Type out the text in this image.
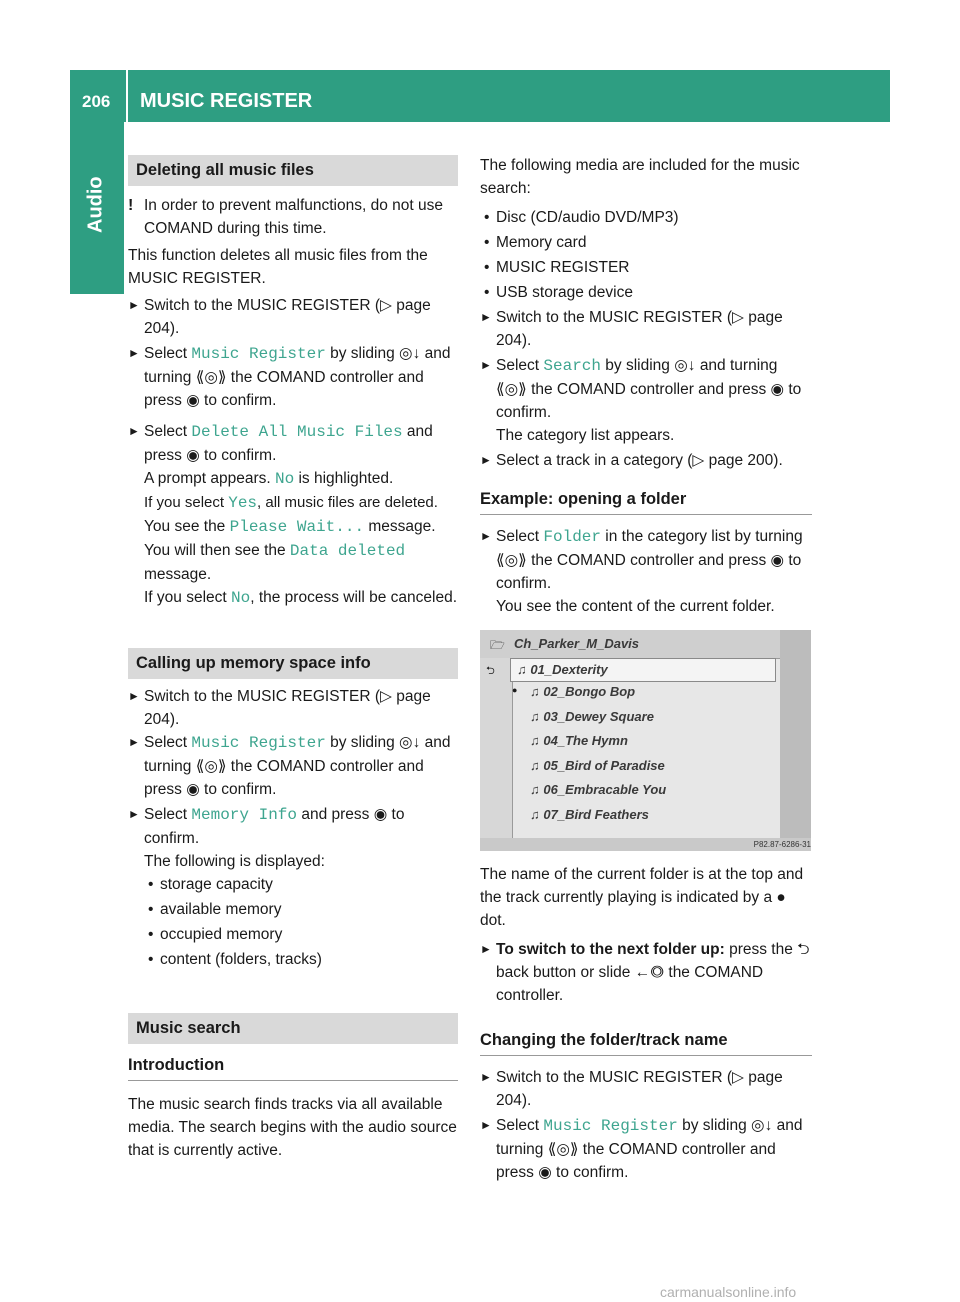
206 MUSIC REGISTER
Audio
Deleting all music files
! In order to prevent malfunctions, do not use COMAND during this time.

This function deletes all music files from the MUSIC REGISTER.

► Switch to the MUSIC REGISTER (▷ page 204).
► Select Music Register by sliding ◎↓ and turning ⟪◎⟫ the COMAND controller and press ◉ to confirm.
► Select Delete All Music Files and press ◉ to confirm.

A prompt appears. No is highlighted.

If you select Yes, all music files are deleted.

You see the Please Wait... message.

You will then see the Data deleted message.

If you select No, the process will be canceled.

Calling up memory space info
► Switch to the MUSIC REGISTER (▷ page 204).
► Select Music Register by sliding ◎↓ and turning ⟪◎⟫ the COMAND controller and press ◉ to confirm.
► Select Memory Info and press ◉ to confirm.

The following is displayed:

• storage capacity
• available memory
• occupied memory
• content (folders, tracks)
Music search
Introduction

The music search finds tracks via all available media. The search begins with the audio source that is currently active.

The following media are included for the music search:

• Disc (CD/audio DVD/MP3)
• Memory card
• MUSIC REGISTER
• USB storage device
► Switch to the MUSIC REGISTER (▷ page 204).
► Select Search by sliding ◎↓ and turning ⟪◎⟫ the COMAND controller and press ◉ to confirm.

The category list appears.

► Select a track in a category (▷ page 200).
Example: opening a folder
► Select Folder in the category list by turning ⟪◎⟫ the COMAND controller and press ◉ to confirm.

You see the content of the current folder.

🗁 Ch_Parker_M_Davis
⮌ ♫ 01_Dexterity
● ♫ 02_Bongo Bop
♫ 03_Dewey Square
♫ 04_The Hymn
♫ 05_Bird of Paradise
♫ 06_Embracable You
♫ 07_Bird Feathers
P82.87-6286-31

The name of the current folder is at the top and the track currently playing is indicated by a ● dot.

► To switch to the next folder up: press the ⮌ back button or slide ←◎ the COMAND controller.
Changing the folder/track name
► Switch to the MUSIC REGISTER (▷ page 204).
► Select Music Register by sliding ◎↓ and turning ⟪◎⟫ the COMAND controller and press ◉ to confirm.
carmanualsonline.info
